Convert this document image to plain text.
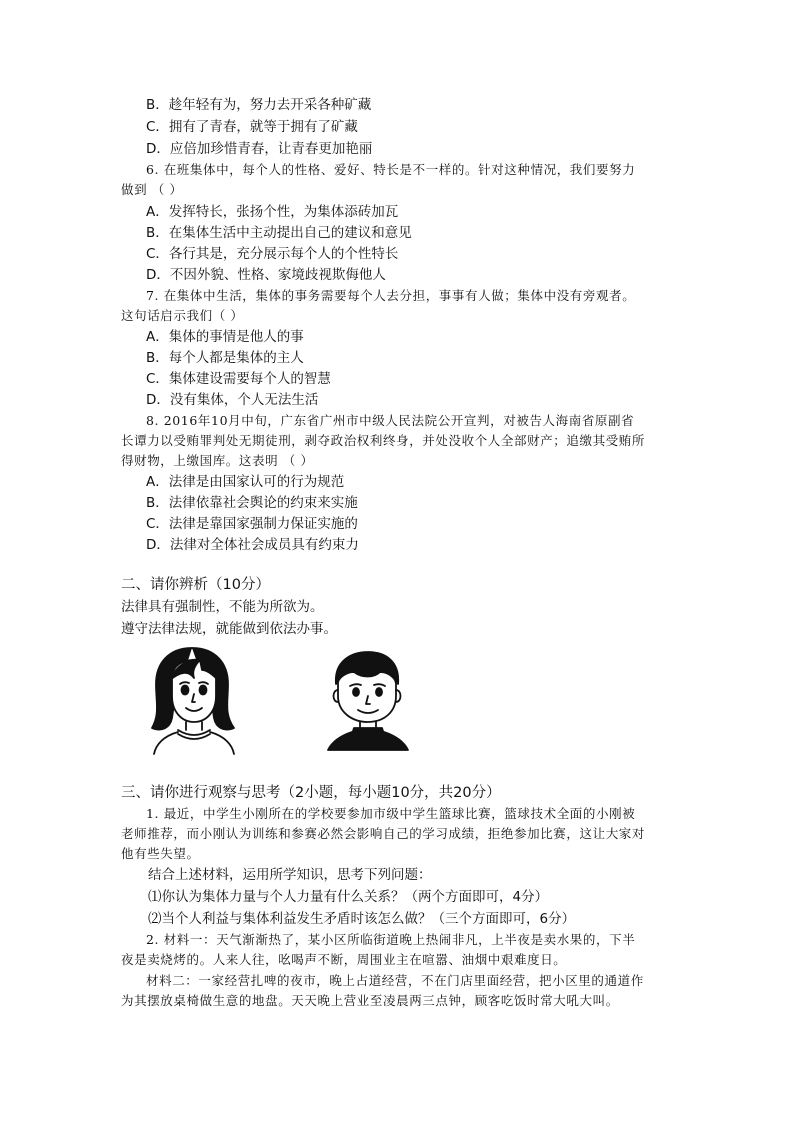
B．趁年轻有为，努力去开采各种矿藏
C．拥有了青春，就等于拥有了矿藏
D．应倍加珍惜青春，让青春更加艳丽
6. 在班集体中，每个人的性格、爱好、特长是不一样的。针对这种情况，我们要努力
做到 （ ）
A．发挥特长，张扬个性，为集体添砖加瓦
B．在集体生活中主动提出自己的建议和意见
C．各行其是，充分展示每个人的个性特长
D．不因外貌、性格、家境歧视欺侮他人
7. 在集体中生活，集体的事务需要每个人去分担，事事有人做；集体中没有旁观者。
这句话启示我们（ ）
A．集体的事情是他人的事
B．每个人都是集体的主人
C．集体建设需要每个人的智慧
D．没有集体，个人无法生活
8. 2016年10月中旬，广东省广州市中级人民法院公开宣判，对被告人海南省原副省
长谭力以受贿罪判处无期徒刑，剥夺政治权利终身，并处没收个人全部财产；追缴其受贿所
得财物，上缴国库。这表明 （ ）
A．法律是由国家认可的行为规范
B．法律依靠社会舆论的约束来实施
C．法律是靠国家强制力保证实施的
D．法律对全体社会成员具有约束力
二、请你辨析（10分）
法律具有强制性，不能为所欲为。
遵守法律法规，就能做到依法办事。
三、请你进行观察与思考（2小题，每小题10分，共20分）
1. 最近，中学生小刚所在的学校要参加市级中学生篮球比赛，篮球技术全面的小刚被
老师推荐，而小刚认为训练和参赛必然会影响自己的学习成绩，拒绝参加比赛，这让大家对
他有些失望。
结合上述材料，运用所学知识，思考下列问题：
⑴你认为集体力量与个人力量有什么关系？（两个方面即可，4分）
⑵当个人利益与集体利益发生矛盾时该怎么做？（三个方面即可，6分）
2. 材料一：天气渐渐热了，某小区所临街道晚上热闹非凡，上半夜是卖水果的，下半
夜是卖烧烤的。人来人往，吆喝声不断，周围业主在喧嚣、油烟中艰难度日。
材料二：一家经营扎啤的夜市，晚上占道经营，不在门店里面经营，把小区里的通道作
为其摆放桌椅做生意的地盘。天天晚上营业至凌晨两三点钟，顾客吃饭时常大吼大叫。
